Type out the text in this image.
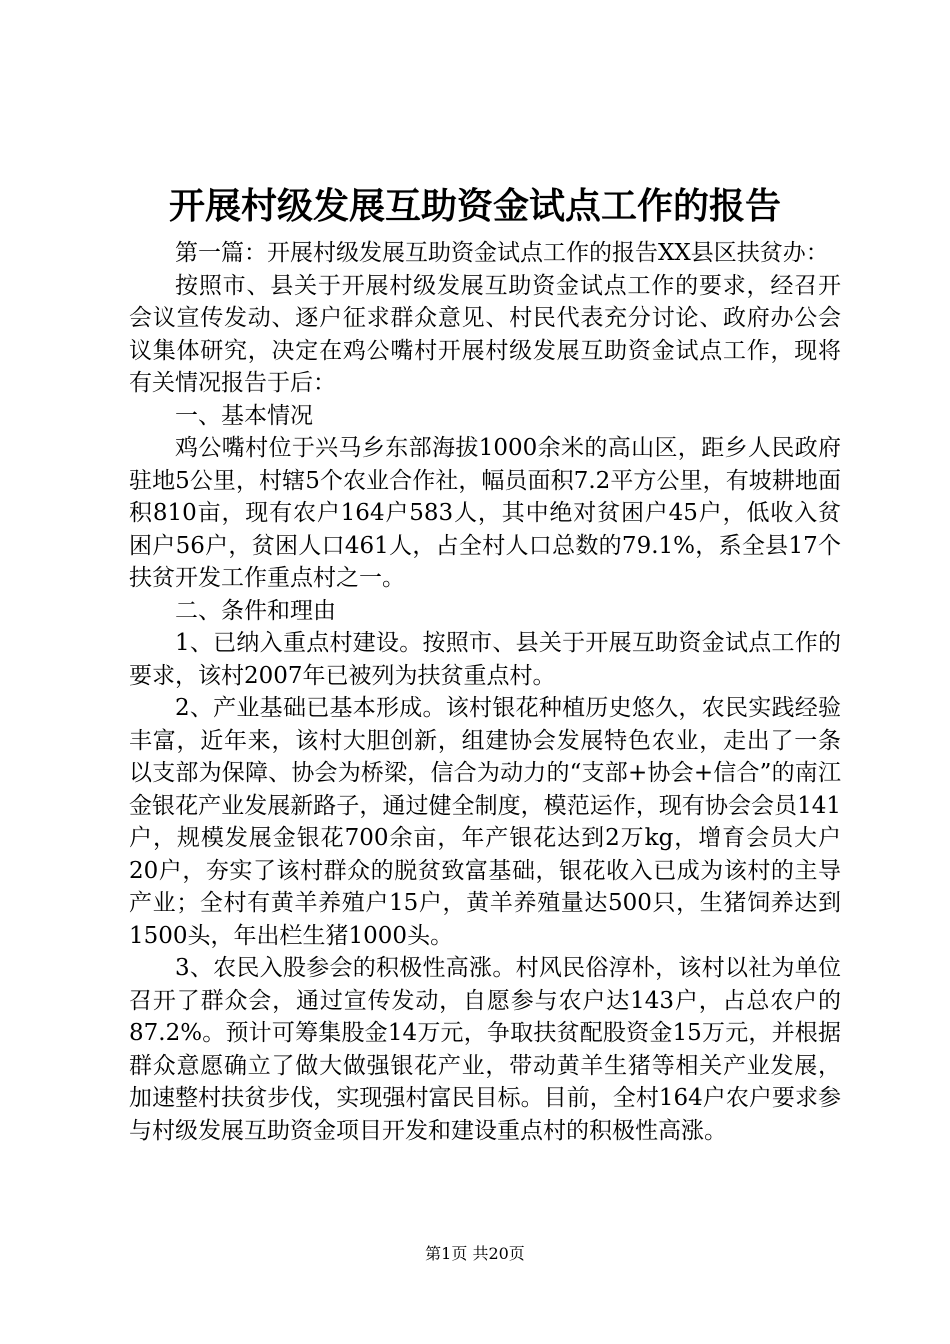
开展村级发展互助资金试点工作的报告

第一篇：开展村级发展互助资金试点工作的报告XX县区扶贫办：

按照市、县关于开展村级发展互助资金试点工作的要求，经召开会议宣传发动、逐户征求群众意见、村民代表充分讨论、政府办公会议集体研究，决定在鸡公嘴村开展村级发展互助资金试点工作，现将有关情况报告于后：

一、基本情况

鸡公嘴村位于兴马乡东部海拔1000余米的高山区，距乡人民政府驻地5公里，村辖5个农业合作社，幅员面积7.2平方公里，有坡耕地面积810亩，现有农户164户583人，其中绝对贫困户45户，低收入贫困户56户，贫困人口461人，占全村人口总数的79.1%，系全县17个扶贫开发工作重点村之一。

二、条件和理由

1、已纳入重点村建设。按照市、县关于开展互助资金试点工作的要求，该村2007年已被列为扶贫重点村。

2、产业基础已基本形成。该村银花种植历史悠久，农民实践经验丰富，近年来，该村大胆创新，组建协会发展特色农业，走出了一条以支部为保障、协会为桥梁，信合为动力的“支部+协会+信合”的南江金银花产业发展新路子，通过健全制度，模范运作，现有协会会员141户，规模发展金银花700余亩，年产银花达到2万kg，增育会员大户20户，夯实了该村群众的脱贫致富基础，银花收入已成为该村的主导产业；全村有黄羊养殖户15户，黄羊养殖量达500只，生猪饲养达到1500头，年出栏生猪1000头。

3、农民入股参会的积极性高涨。村风民俗淳朴，该村以社为单位召开了群众会，通过宣传发动，自愿参与农户达143户，占总农户的87.2%。预计可筹集股金14万元，争取扶贫配股资金15万元，并根据群众意愿确立了做大做强银花产业，带动黄羊生猪等相关产业发展，加速整村扶贫步伐，实现强村富民目标。目前，全村164户农户要求参与村级发展互助资金项目开发和建设重点村的积极性高涨。

第1页 共20页
